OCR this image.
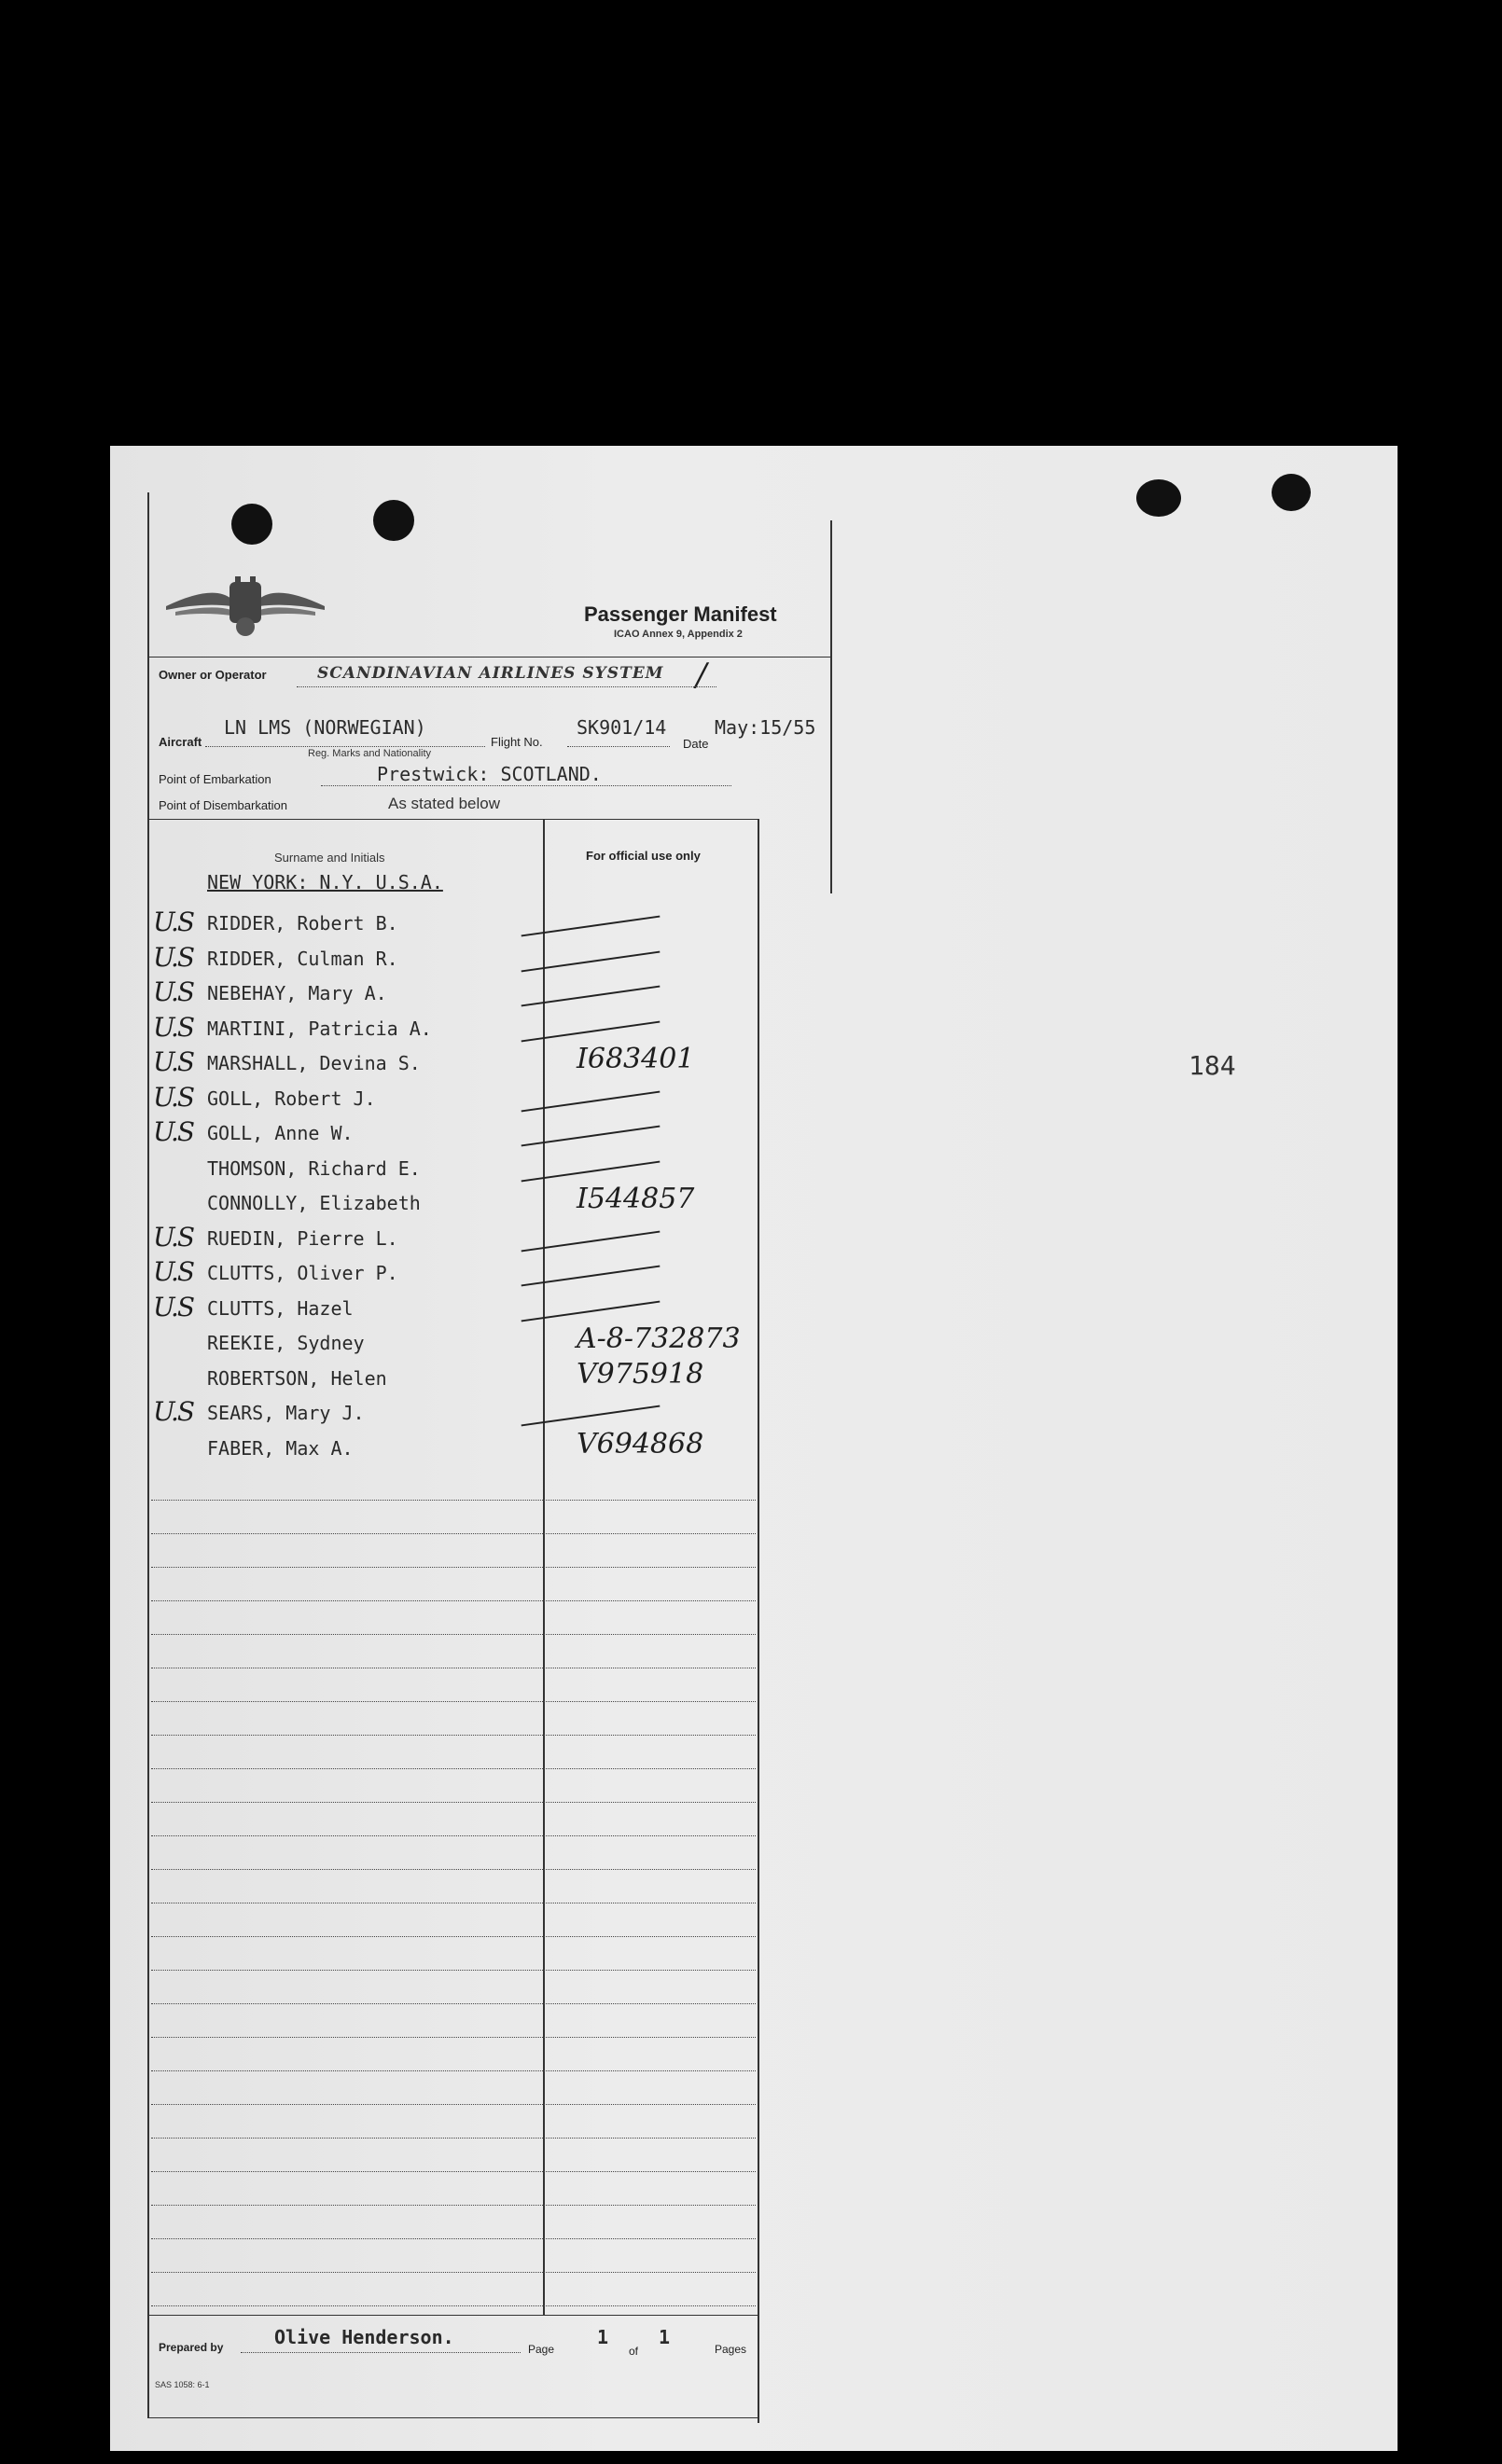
Passenger Manifest
ICAO Annex 9, Appendix 2
Owner or Operator	SCANDINAVIAN AIRLINES SYSTEM /
Aircraft
LN LMS (NORWEGIAN)
Reg. Marks and Nationality
Flight No.
SK901/14
Date
May:15/55
Point of Embarkation	Prestwick: SCOTLAND.
Point of Disembarkation	As stated below
Surname and Initials	For official use only
NEW YORK: N.Y. U.S.A.
U.S RIDDER, Robert B.
U.S RIDDER, Culman R.
U.S NEBEHAY, Mary A.
U.S MARTINI, Patricia A.
U.S MARSHALL, Devina S.	I683401
U.S GOLL, Robert J.
U.S GOLL, Anne W.
THOMSON, Richard E.
CONNOLLY, Elizabeth	I544857
U.S RUEDIN, Pierre L.
U.S CLUTTS, Oliver P.
U.S CLUTTS, Hazel
REEKIE, Sydney	A-8-732873
ROBERTSON, Helen	V975918
U.S SEARS, Mary J.
FABER, Max A.	V694868
Prepared by	Olive Henderson.
Page
1
of
1
Pages
SAS 1058: 6-1
184
